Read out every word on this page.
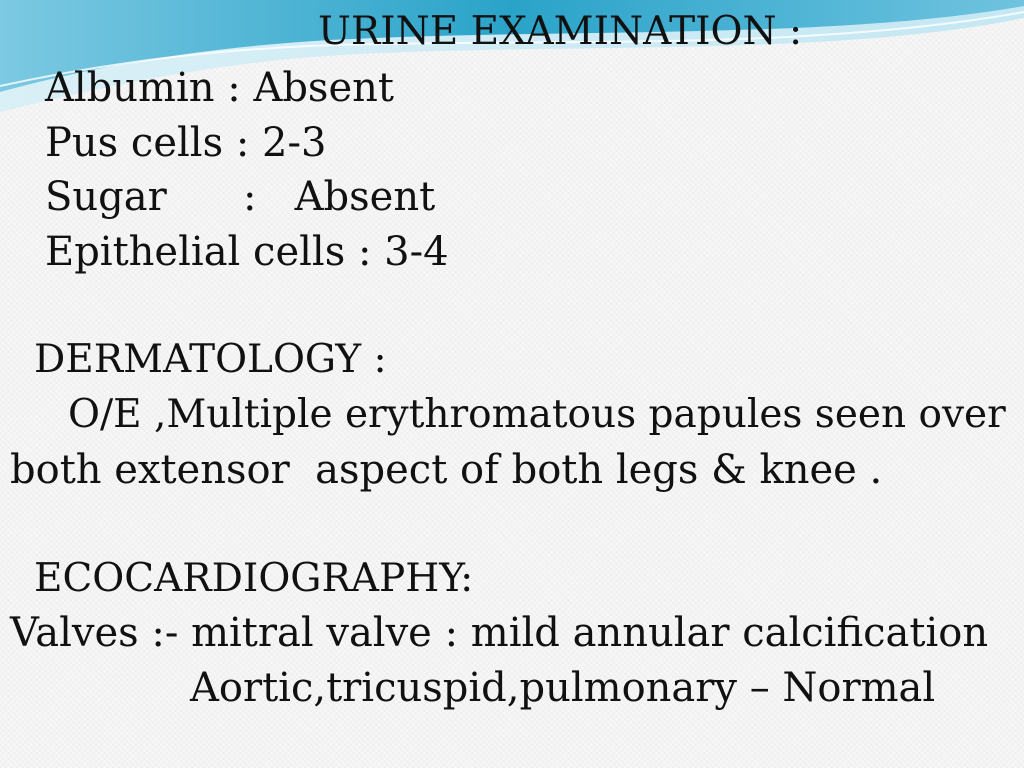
URINE EXAMINATION :
Albumin : Absent
Pus cells : 2-3
Sugar      :   Absent
Epithelial cells : 3-4
DERMATOLOGY :
O/E ,Multiple erythromatous papules seen over
both extensor  aspect of both legs & knee .
ECOCARDIOGRAPHY:
Valves :- mitral valve : mild annular calcification
Aortic,tricuspid,pulmonary – Normal
